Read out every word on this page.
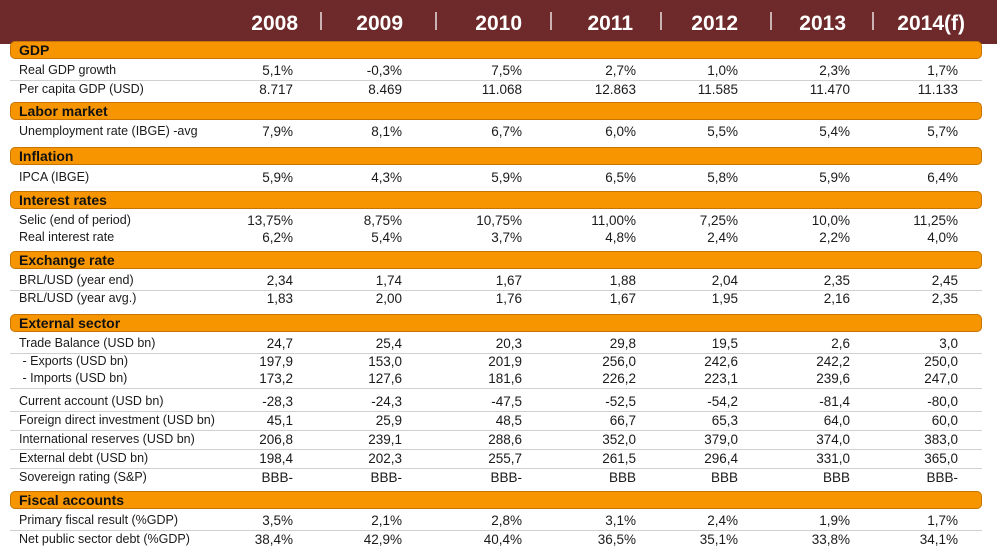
2008	2009	2010	2011	2012	2013	2014(f)
GDP
Real GDP growth	5,1%	-0,3%	7,5%	2,7%	1,0%	2,3%	1,7%
Per capita GDP (USD)	8.717	8.469	11.068	12.863	11.585	11.470	11.133
Labor market
Unemployment rate (IBGE) -avg	7,9%	8,1%	6,7%	6,0%	5,5%	5,4%	5,7%
Inflation
IPCA (IBGE)	5,9%	4,3%	5,9%	6,5%	5,8%	5,9%	6,4%
Interest rates
Selic (end of period)	13,75%	8,75%	10,75%	11,00%	7,25%	10,0%	11,25%
Real interest rate	6,2%	5,4%	3,7%	4,8%	2,4%	2,2%	4,0%
Exchange rate
BRL/USD (year end)	2,34	1,74	1,67	1,88	2,04	2,35	2,45
BRL/USD (year avg.)	1,83	2,00	1,76	1,67	1,95	2,16	2,35
External sector
Trade Balance (USD bn)	24,7	25,4	20,3	29,8	19,5	2,6	3,0
- Exports (USD bn)	197,9	153,0	201,9	256,0	242,6	242,2	250,0
- Imports (USD bn)	173,2	127,6	181,6	226,2	223,1	239,6	247,0
Current account (USD bn)	-28,3	-24,3	-47,5	-52,5	-54,2	-81,4	-80,0
Foreign direct investment (USD bn)	45,1	25,9	48,5	66,7	65,3	64,0	60,0
International reserves (USD bn)	206,8	239,1	288,6	352,0	379,0	374,0	383,0
External debt (USD bn)	198,4	202,3	255,7	261,5	296,4	331,0	365,0
Sovereign rating (S&P)	BBB-	BBB-	BBB-	BBB	BBB	BBB	BBB-
Fiscal accounts
Primary fiscal result (%GDP)	3,5%	2,1%	2,8%	3,1%	2,4%	1,9%	1,7%
Net public sector debt (%GDP)	38,4%	42,9%	40,4%	36,5%	35,1%	33,8%	34,1%
